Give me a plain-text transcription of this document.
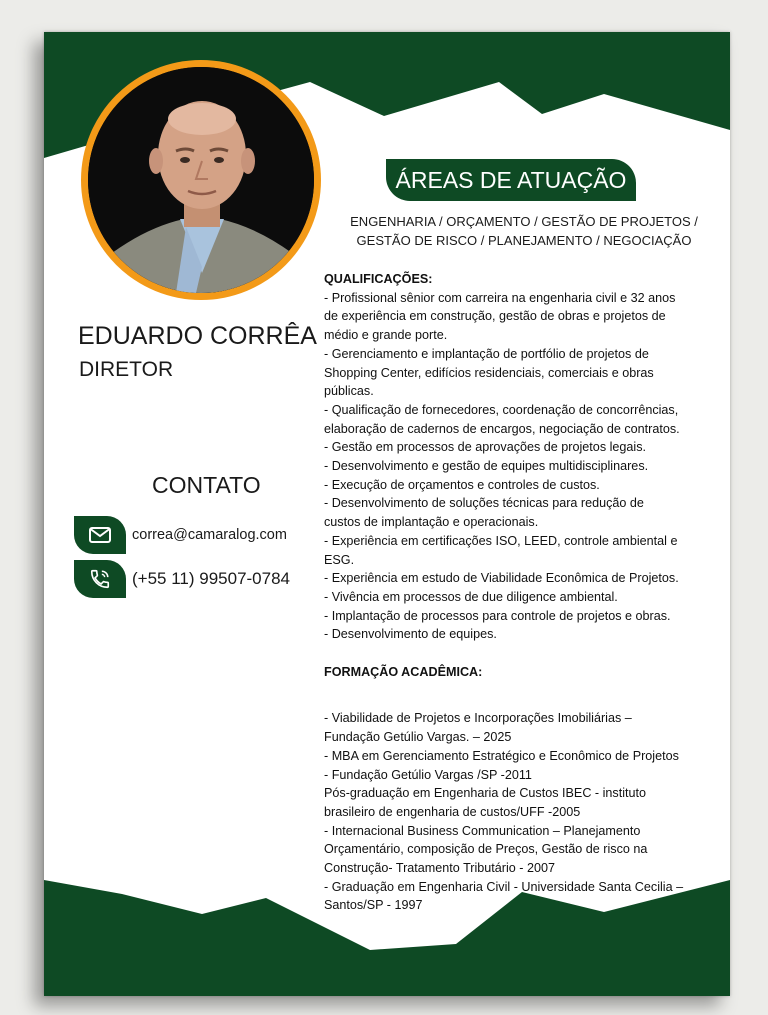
EDUARDO CORRÊA
DIRETOR
CONTATO
correa@camaralog.com
(+55 11) 99507-0784
ÁREAS DE ATUAÇÃO
ENGENHARIA / ORÇAMENTO / GESTÃO DE PROJETOS /
GESTÃO DE RISCO / PLANEJAMENTO / NEGOCIAÇÃO
QUALIFICAÇÕES:
- Profissional sênior com carreira na engenharia civil e 32 anos
de experiência em construção, gestão de obras e projetos de
médio e grande porte.
- Gerenciamento e implantação de portfólio de projetos de
Shopping Center, edifícios residenciais, comerciais e obras
públicas.
- Qualificação de fornecedores, coordenação de concorrências,
elaboração de cadernos de encargos, negociação de contratos.
- Gestão em processos de aprovações de projetos legais.
- Desenvolvimento e gestão de equipes multidisciplinares.
- Execução de orçamentos e controles de custos.
- Desenvolvimento de soluções técnicas para redução de
custos de implantação e operacionais.
- Experiência em certificações ISO, LEED, controle ambiental e
ESG.
- Experiência em estudo de Viabilidade Econômica de Projetos.
- Vivência em processos de due diligence ambiental.
- Implantação de processos para controle de projetos e obras.
- Desenvolvimento de equipes.
FORMAÇÃO ACADÊMICA:
- Viabilidade de Projetos e Incorporações Imobiliárias –
Fundação Getúlio Vargas. – 2025
- MBA em Gerenciamento Estratégico e Econômico de Projetos
- Fundação Getúlio Vargas /SP -2011
Pós-graduação em Engenharia de Custos IBEC - instituto
brasileiro de engenharia de custos/UFF -2005
- Internacional Business Communication – Planejamento
Orçamentário, composição de Preços, Gestão de risco na
Construção- Tratamento Tributário - 2007
- Graduação em Engenharia Civil - Universidade Santa Cecilia –
Santos/SP - 1997
